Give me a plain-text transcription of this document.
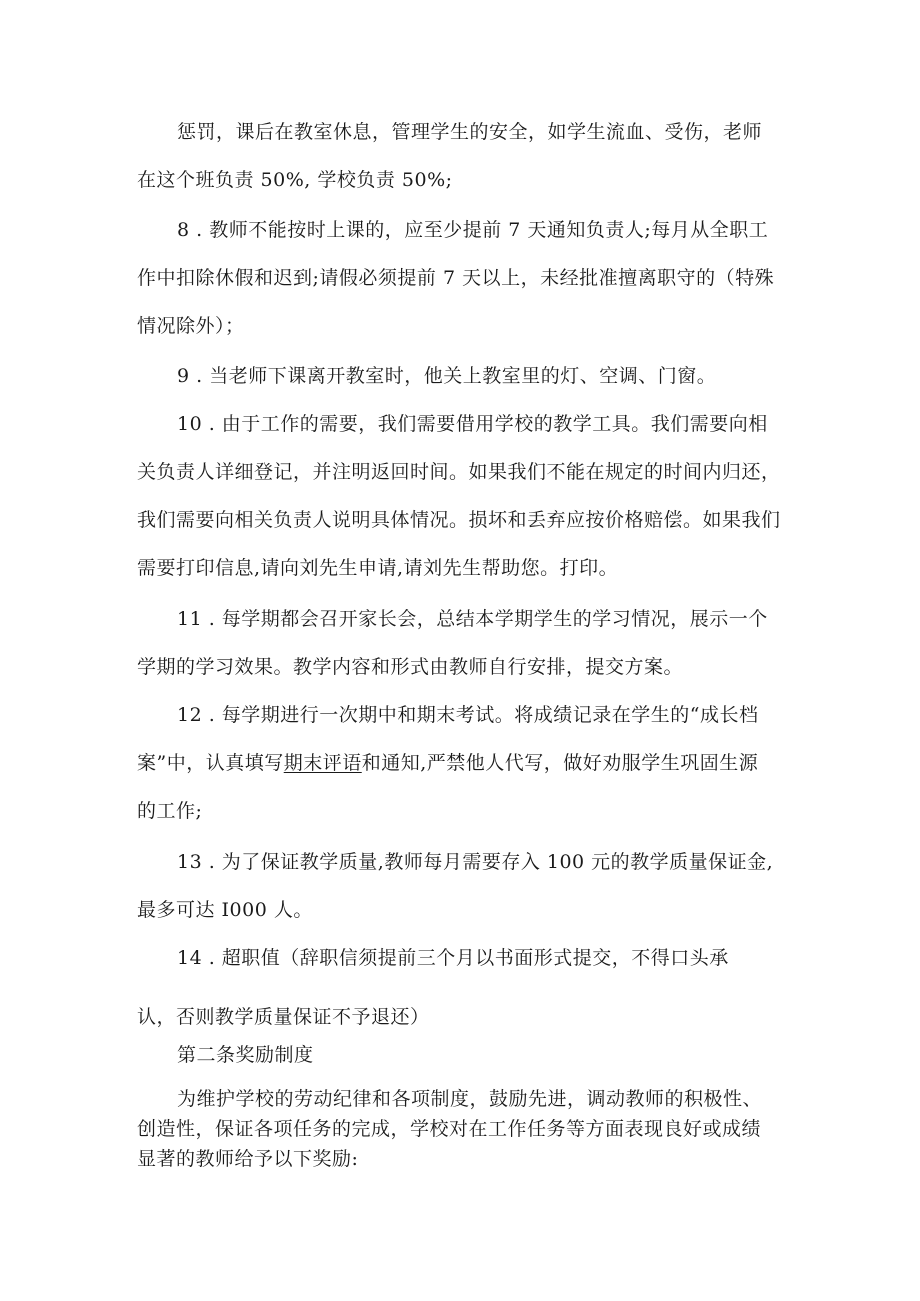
惩罚，课后在教室休息，管理学生的安全，如学生流血、受伤，老师
在这个班负责 50%, 学校负责 50%;

8 . 教师不能按时上课的，应至少提前 7 天通知负责人;每月从全职工
作中扣除休假和迟到;请假必须提前 7 天以上，未经批准擅离职守的（特殊
情况除外）；

9 . 当老师下课离开教室时，他关上教室里的灯、空调、门窗。

10 . 由于工作的需要，我们需要借用学校的教学工具。我们需要向相
关负责人详细登记，并注明返回时间。如果我们不能在规定的时间内归还，
我们需要向相关负责人说明具体情况。损坏和丢弃应按价格赔偿。如果我们
需要打印信息,请向刘先生申请,请刘先生帮助您。打印。

11 . 每学期都会召开家长会，总结本学期学生的学习情况，展示一个
学期的学习效果。教学内容和形式由教师自行安排，提交方案。

12 . 每学期进行一次期中和期末考试。将成绩记录在学生的“成长档
案”中，认真填写期末评语和通知,严禁他人代写，做好劝服学生巩固生源
的工作;

13 . 为了保证教学质量,教师每月需要存入 100 元的教学质量保证金,
最多可达 I000 人。

14 . 超职值（辞职信须提前三个月以书面形式提交，不得口头承

认，否则教学质量保证不予退还）

第二条奖励制度

为维护学校的劳动纪律和各项制度，鼓励先进，调动教师的积极性、
创造性，保证各项任务的完成，学校对在工作任务等方面表现良好或成绩
显著的教师给予以下奖励:
